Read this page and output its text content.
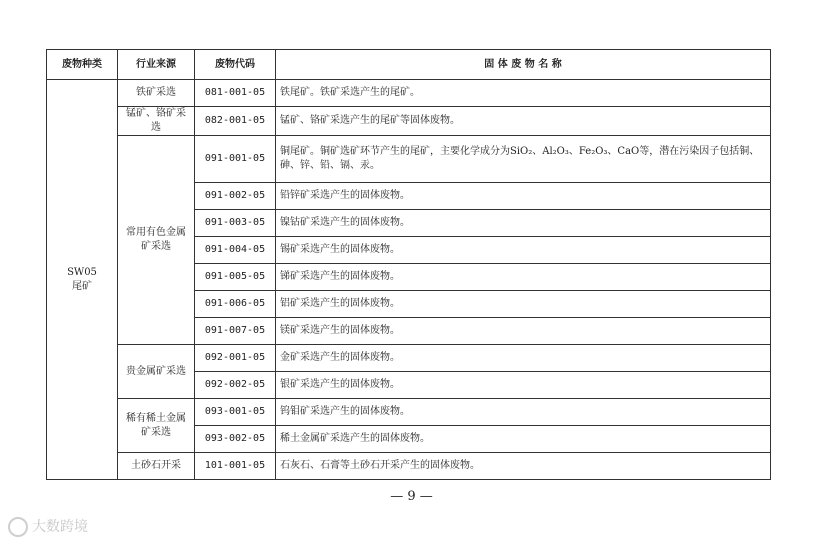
废物种类	行业来源	废物代码	固 体 废 物 名 称

SW05
尾矿	铁矿采选	081-001-05	铁尾矿。铁矿采选产生的尾矿。
	锰矿、铬矿采选	082-001-05	锰矿、铬矿采选产生的尾矿等固体废物。
	常用有色金属矿采选	091-001-05	铜尾矿。铜矿选矿环节产生的尾矿，主要化学成分为SiO₂、Al₂O₃、Fe₂O₃、CaO等，潜在污染因子包括铜、砷、锌、铅、镉、汞。
		091-002-05	铅锌矿采选产生的固体废物。
		091-003-05	镍钴矿采选产生的固体废物。
		091-004-05	锡矿采选产生的固体废物。
		091-005-05	锑矿采选产生的固体废物。
		091-006-05	铝矿采选产生的固体废物。
		091-007-05	镁矿采选产生的固体废物。
	贵金属矿采选	092-001-05	金矿采选产生的固体废物。
		092-002-05	银矿采选产生的固体废物。
	稀有稀土金属矿采选	093-001-05	钨钼矿采选产生的固体废物。
		093-002-05	稀土金属矿采选产生的固体废物。
	土砂石开采	101-001-05	石灰石、石膏等土砂石开采产生的固体废物。
— 9 —
大数跨境
